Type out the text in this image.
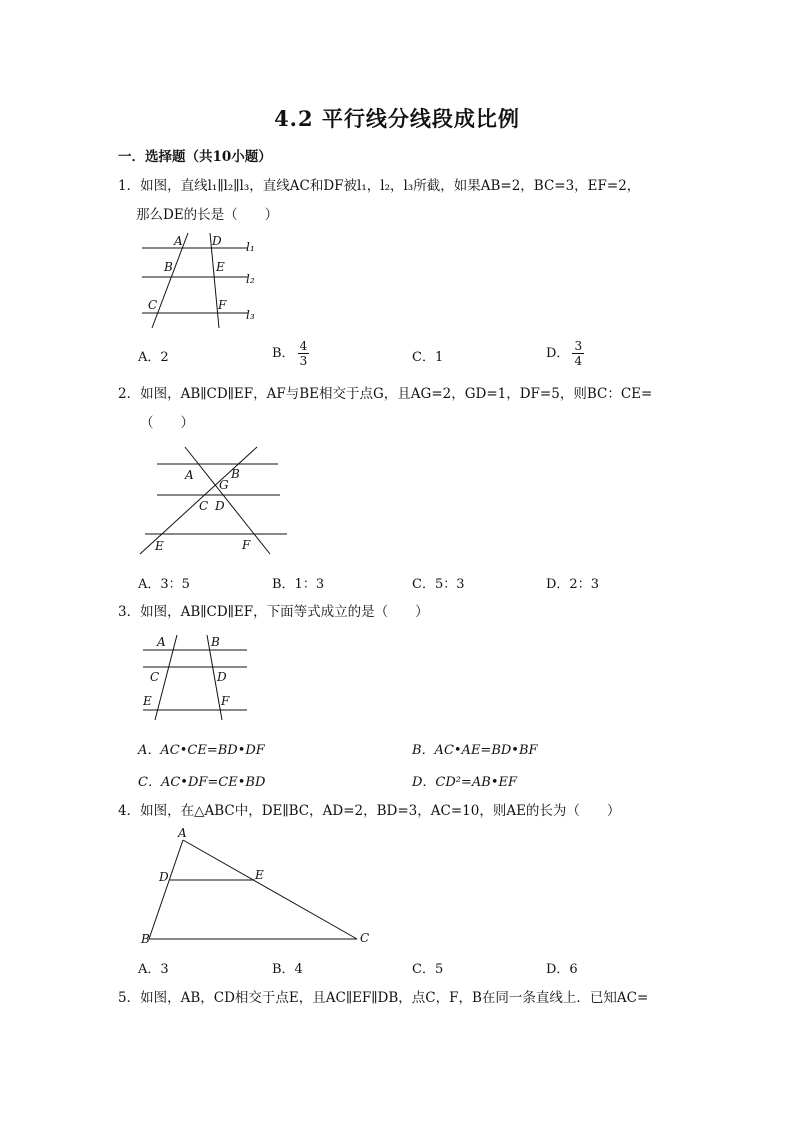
4.2 平行线分线段成比例
一．选择题（共10小题）
1．如图，直线l₁∥l₂∥l₃，直线AC和DF被l₁，l₂，l₃所截，如果AB=2，BC=3，EF=2，
那么DE的长是（　　）
A D
B	E
C	F
l₁
l₂
l₃
A．2	B． $\frac{4}{3}$	C．1	D． $\frac{3}{4}$
2．如图，AB∥CD∥EF，AF与BE相交于点G，且AG=2，GD=1，DF=5，则BC：CE=
（　　）
A	B
G
C D
E	F
A．3：5	B．1：3	C．5：3	D．2：3
3．如图，AB∥CD∥EF，下面等式成立的是（　　）
A	B
C	D
E	F
A．AC•CE=BD•DF	B．AC•AE=BD•BF
C．AC•DF=CE•BD	D．CD²=AB•EF
4．如图，在△ABC中，DE∥BC，AD=2，BD=3，AC=10，则AE的长为（　　）
A
D	E
B	C
A．3	B．4	C．5	D．6
5．如图，AB，CD相交于点E，且AC∥EF∥DB，点C，F，B在同一条直线上．已知AC=
